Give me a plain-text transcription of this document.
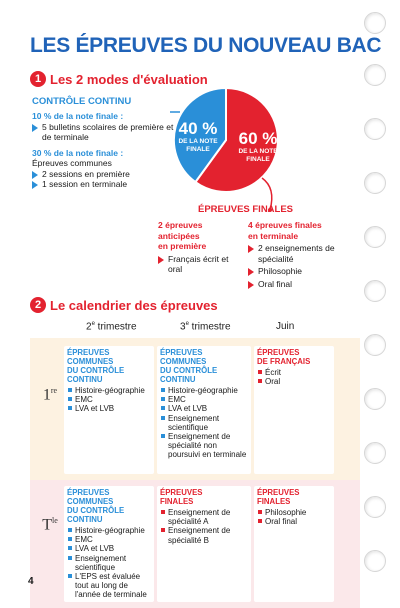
LES ÉPREUVES DU NOUVEAU BAC
1 Les 2 modes d'évaluation
CONTRÔLE CONTINU
10 % de la note finale :
5 bulletins scolaires de première et de terminale
30 % de la note finale :
Épreuves communes
2 sessions en première
1 session en terminale
40 %
DE LA NOTE
FINALE
60 %
DE LA NOTE
FINALE
ÉPREUVES FINALES
2 épreuves anticipées
en première
Français écrit et oral
4 épreuves finales
en terminale
2 enseignements de spécialité
Philosophie
Oral final
2 Le calendrier des épreuves
2e trimestre	3e trimestre	Juin
1re
ÉPREUVES COMMUNES
DU CONTRÔLE CONTINU
Histoire-géographie
EMC
LVA et LVB
ÉPREUVES COMMUNES
DU CONTRÔLE CONTINU
Histoire-géographie
EMC
LVA et LVB
Enseignement scientifique
Enseignement de spécialité non poursuivi en terminale
ÉPREUVES
DE FRANÇAIS
Écrit
Oral
$T^{le}$
ÉPREUVES COMMUNES
DU CONTRÔLE CONTINU
Histoire-géographie
EMC
LVA et LVB
Enseignement scientifique
L'EPS est évaluée tout au long de l'année de terminale
ÉPREUVES
FINALES
Enseignement de spécialité A
Enseignement de spécialité B
ÉPREUVES
FINALES
Philosophie
Oral final
4
